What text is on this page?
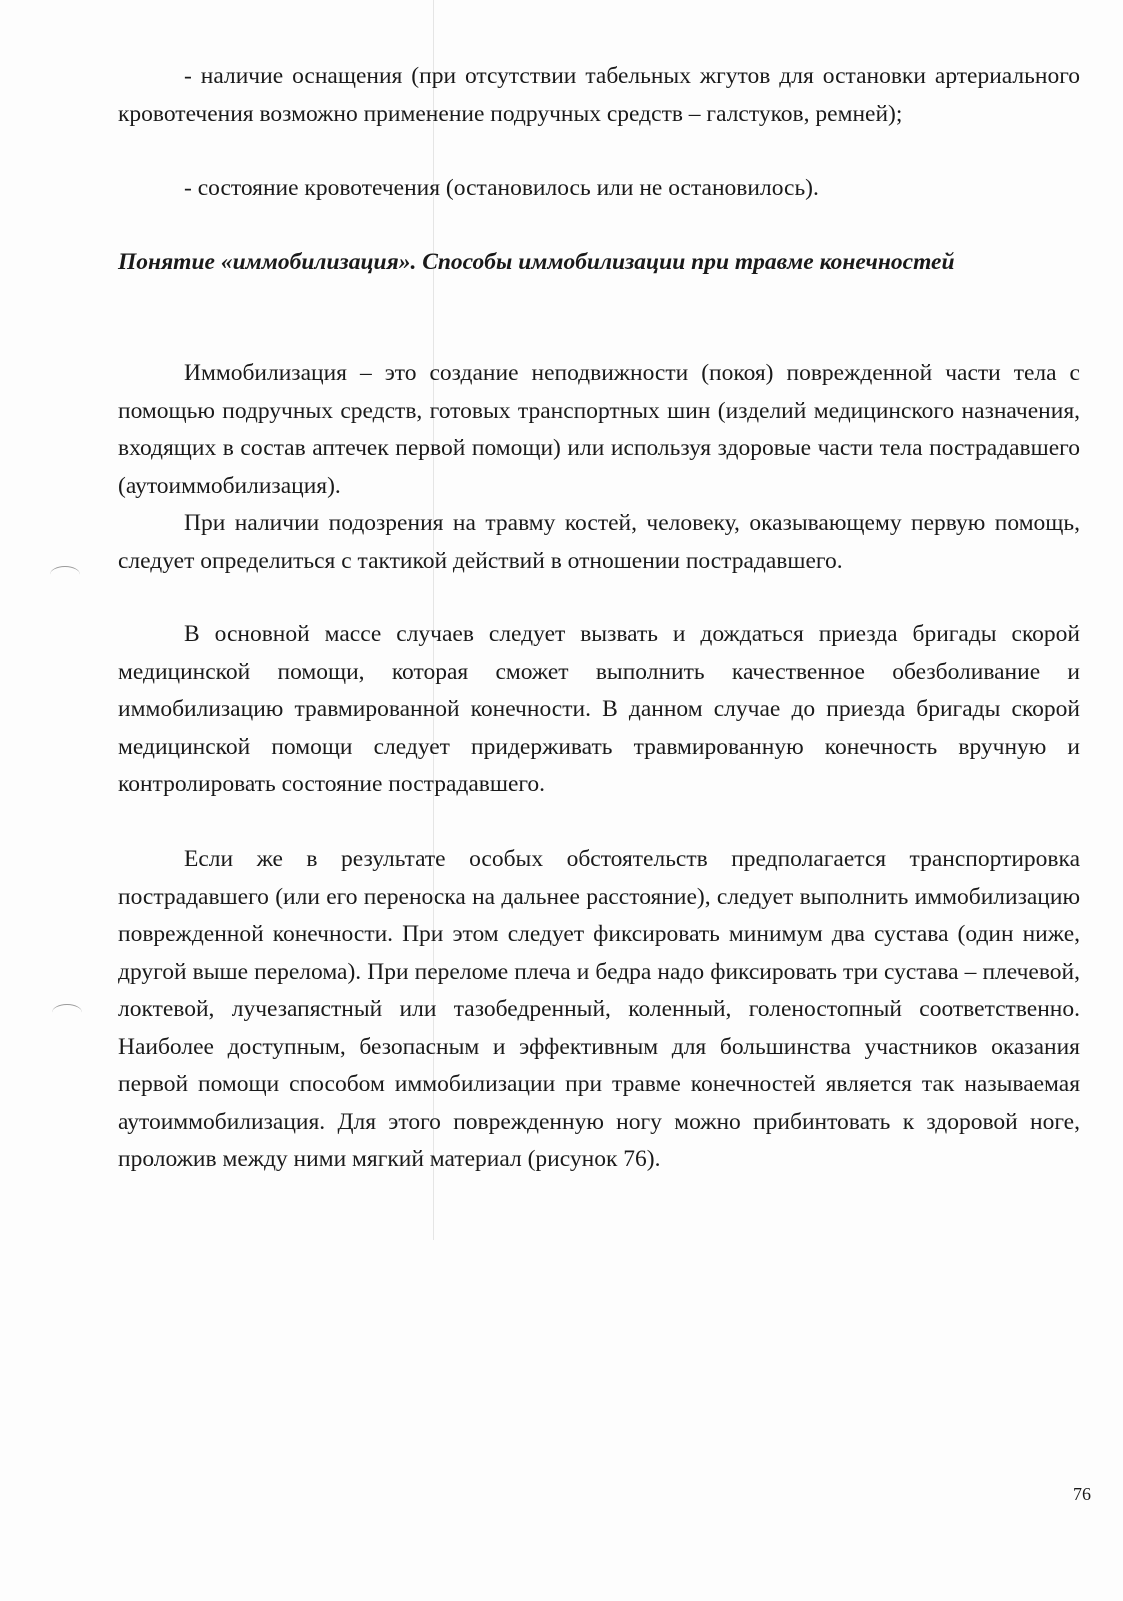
- наличие оснащения (при отсутствии табельных жгутов для остановки артериального кровотечения возможно применение подручных средств – галстуков, ремней);

- состояние кровотечения (остановилось или не остановилось).

Понятие «иммобилизация». Способы иммобилизации при травме конечностей

Иммобилизация – это создание неподвижности (покоя) поврежденной части тела с помощью подручных средств, готовых транспортных шин (изделий медицинского назначения, входящих в состав аптечек первой помощи) или используя здоровые части тела пострадавшего (аутоиммобилизация).

При наличии подозрения на травму костей, человеку, оказывающему первую помощь, следует определиться с тактикой действий в отношении пострадавшего.

В основной массе случаев следует вызвать и дождаться приезда бригады скорой медицинской помощи, которая сможет выполнить качественное обезболивание и иммобилизацию травмированной конечности. В данном случае до приезда бригады скорой медицинской помощи следует придерживать травмированную конечность вручную и контролировать состояние пострадавшего.

Если же в результате особых обстоятельств предполагается транспортировка пострадавшего (или его переноска на дальнее расстояние), следует выполнить иммобилизацию поврежденной конечности. При этом следует фиксировать минимум два сустава (один ниже, другой выше перелома). При переломе плеча и бедра надо фиксировать три сустава – плечевой, локтевой, лучезапястный или тазобедренный, коленный, голеностопный соответственно. Наиболее доступным, безопасным и эффективным для большинства участников оказания первой помощи способом иммобилизации при травме конечностей является так называемая аутоиммобилизация. Для этого поврежденную ногу можно прибинтовать к здоровой ноге, проложив между ними мягкий материал (рисунок 76).

76
